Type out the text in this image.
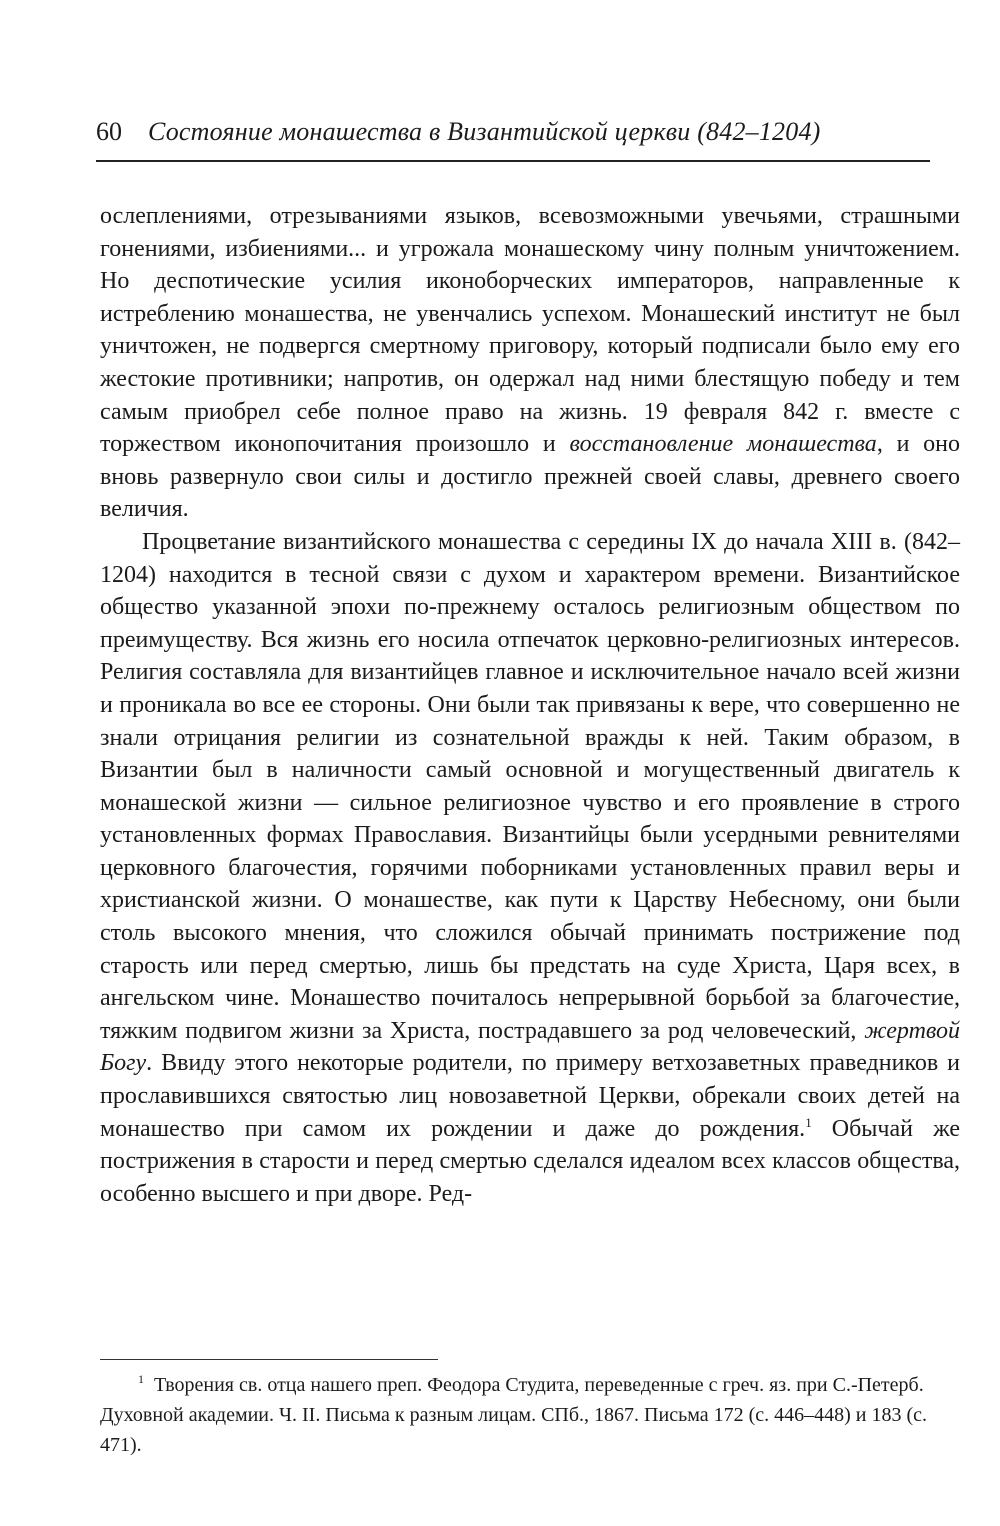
60 Состояние монашества в Византийской церкви (842–1204)

ослеплениями, отрезываниями языков, всевозможными увечьями, страшными гонениями, избиениями... и угрожала монашескому чину полным уничтожением. Но деспотические усилия иконоборческих императоров, направленные к истреблению монашества, не увенчались успехом. Монашеский институт не был уничтожен, не подвергся смертному приговору, который подписали было ему его жестокие противники; напротив, он одержал над ними блестящую победу и тем самым приобрел себе полное право на жизнь. 19 февраля 842 г. вместе с торжеством иконопочитания произошло и восстановление монашества, и оно вновь развернуло свои силы и достигло прежней своей славы, древнего своего величия.

Процветание византийского монашества с середины IX до начала XIII в. (842–1204) находится в тесной связи с духом и характером времени. Византийское общество указанной эпохи по-прежнему осталось религиозным обществом по преимуществу. Вся жизнь его носила отпечаток церковно-религиозных интересов. Религия составляла для византийцев главное и исключительное начало всей жизни и проникала во все ее стороны. Они были так привязаны к вере, что совершенно не знали отрицания религии из сознательной вражды к ней. Таким образом, в Византии был в наличности самый основной и могущественный двигатель к монашеской жизни — сильное религиозное чувство и его проявление в строго установленных формах Православия. Византийцы были усердными ревнителями церковного благочестия, горячими поборниками установленных правил веры и христианской жизни. О монашестве, как пути к Царству Небесному, они были столь высокого мнения, что сложился обычай принимать пострижение под старость или перед смертью, лишь бы предстать на суде Христа, Царя всех, в ангельском чине. Монашество почиталось непрерывной борьбой за благочестие, тяжким подвигом жизни за Христа, пострадавшего за род человеческий, жертвой Богу. Ввиду этого некоторые родители, по примеру ветхозаветных праведников и прославившихся святостью лиц новозаветной Церкви, обрекали своих детей на монашество при самом их рождении и даже до рождения.$^1$ Обычай же пострижения в старости и перед смертью сделался идеалом всех классов общества, особенно высшего и при дворе. Ред-

1 Творения св. отца нашего преп. Феодора Студита, переведенные с греч. яз. при С.-Петерб. Духовной академии. Ч. II. Письма к разным лицам. СПб., 1867. Письма 172 (с. 446–448) и 183 (с. 471).
